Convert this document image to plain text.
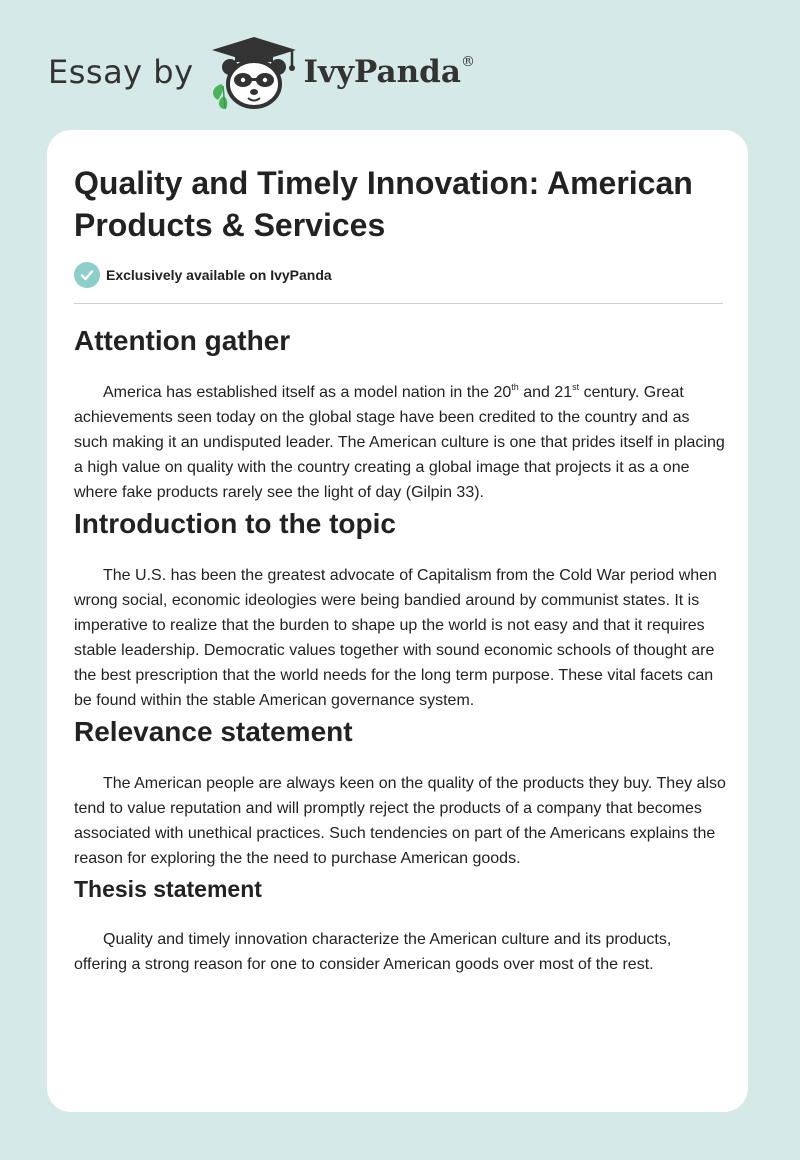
Essay by	IvyPanda®
Quality and Timely Innovation: American Products & Services
Exclusively available on IvyPanda
Attention gather

America has established itself as a model nation in the 20th and 21st century. Great achievements seen today on the global stage have been credited to the country and as such making it an undisputed leader. The American culture is one that prides itself in placing a high value on quality with the country creating a global image that projects it as a one where fake products rarely see the light of day (Gilpin 33).

Introduction to the topic

The U.S. has been the greatest advocate of Capitalism from the Cold War period when wrong social, economic ideologies were being bandied around by communist states. It is imperative to realize that the burden to shape up the world is not easy and that it requires stable leadership. Democratic values together with sound economic schools of thought are the best prescription that the world needs for the long term purpose. These vital facets can be found within the stable American governance system.

Relevance statement

The American people are always keen on the quality of the products they buy. They also tend to value reputation and will promptly reject the products of a company that becomes associated with unethical practices. Such tendencies on part of the Americans explains the reason for exploring the the need to purchase American goods.

Thesis statement

Quality and timely innovation characterize the American culture and its products, offering a strong reason for one to consider American goods over most of the rest.
